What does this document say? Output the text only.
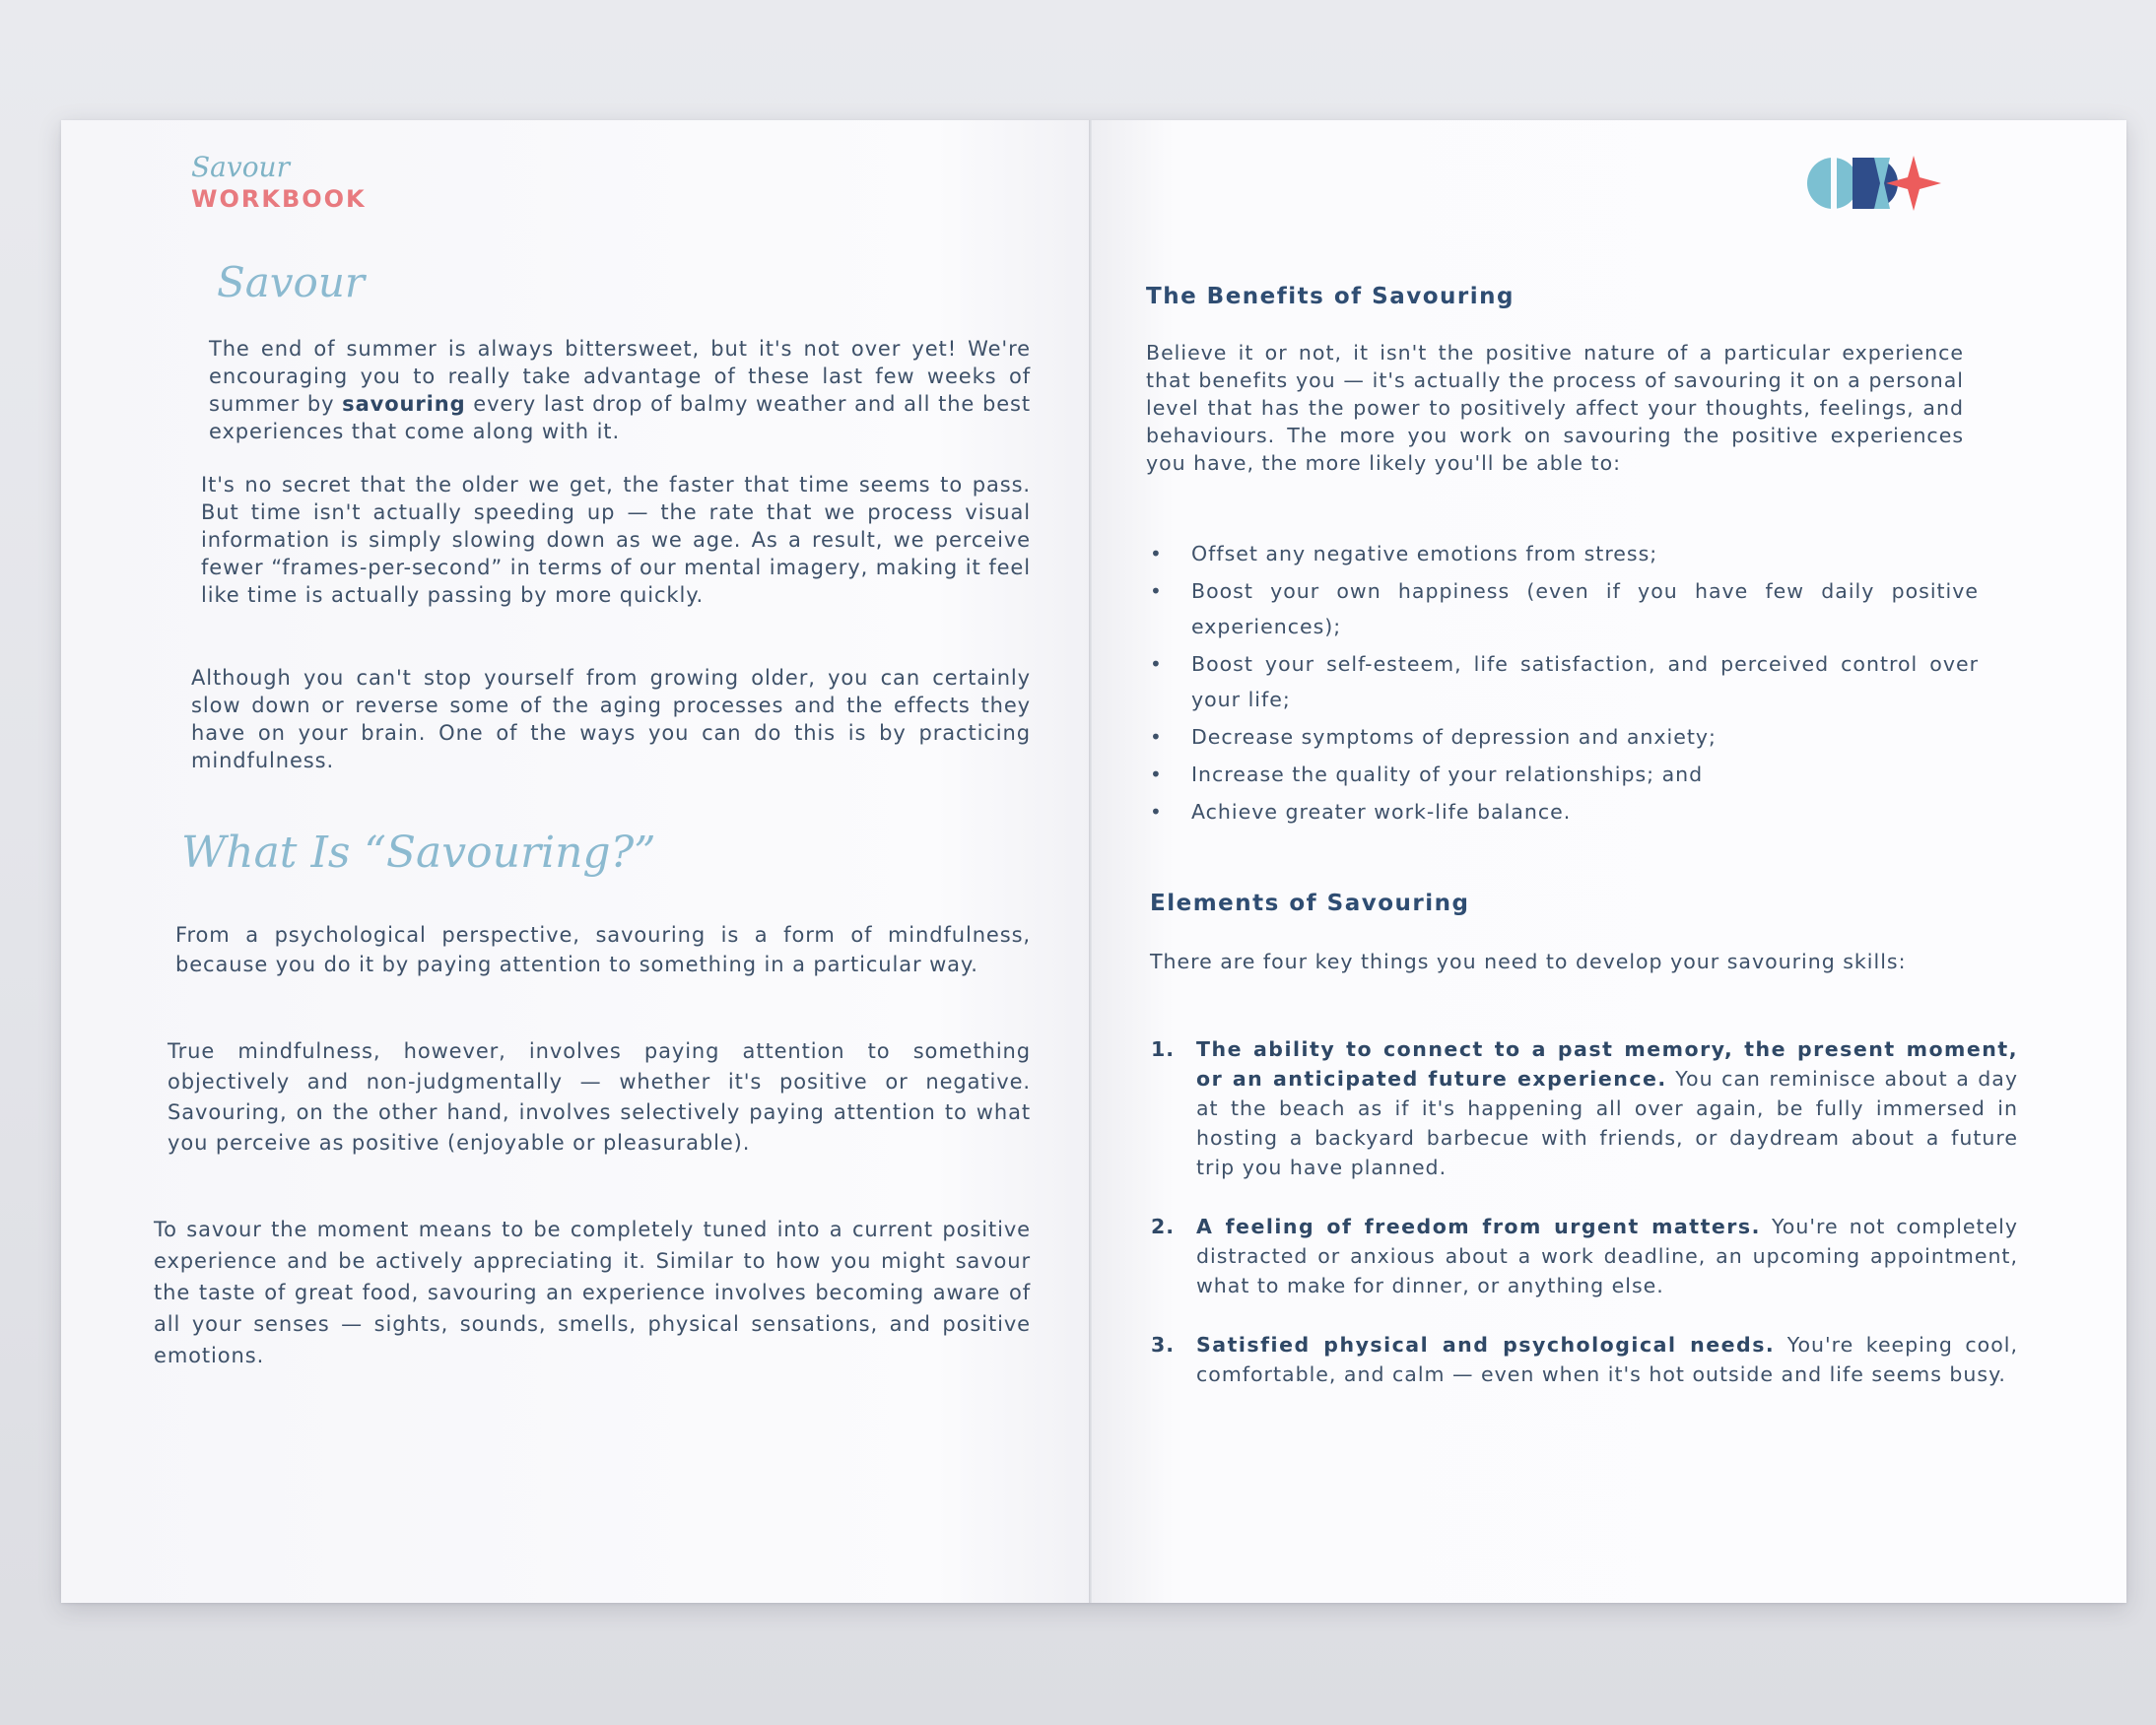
Savour
WORKBOOK
Savour

The end of summer is always bittersweet, but it's not over yet! We're encouraging you to really take advantage of these last few weeks of summer by savouring every last drop of balmy weather and all the best experiences that come along with it.

It's no secret that the older we get, the faster that time seems to pass. But time isn't actually speeding up — the rate that we process visual information is simply slowing down as we age. As a result, we perceive fewer “frames-per-second” in terms of our mental imagery, making it feel like time is actually passing by more quickly.

Although you can't stop yourself from growing older, you can certainly slow down or reverse some of the aging processes and the effects they have on your brain. One of the ways you can do this is by practicing mindfulness.

What Is “Savouring?”

From a psychological perspective, savouring is a form of mindfulness, because you do it by paying attention to something in a particular way.

True mindfulness, however, involves paying attention to something objectively and non-judgmentally — whether it's positive or negative. Savouring, on the other hand, involves selectively paying attention to what you perceive as positive (enjoyable or pleasurable).

To savour the moment means to be completely tuned into a current positive experience and be actively appreciating it. Similar to how you might savour the taste of great food, savouring an experience involves becoming aware of all your senses — sights, sounds, smells, physical sensations, and positive emotions.

The Benefits of Savouring

Believe it or not, it isn't the positive nature of a particular experience that benefits you — it's actually the process of savouring it on a personal level that has the power to positively affect your thoughts, feelings, and behaviours. The more you work on savouring the positive experiences you have, the more likely you'll be able to:

• Offset any negative emotions from stress;
• Boost your own happiness (even if you have few daily positive experiences);
• Boost your self-esteem, life satisfaction, and perceived control over your life;
• Decrease symptoms of depression and anxiety;
• Increase the quality of your relationships; and
• Achieve greater work-life balance.
Elements of Savouring

There are four key things you need to develop your savouring skills:

1. The ability to connect to a past memory, the present moment, or an anticipated future experience. You can reminisce about a day at the beach as if it's happening all over again, be fully immersed in hosting a backyard barbecue with friends, or daydream about a future trip you have planned.
2. A feeling of freedom from urgent matters. You're not completely distracted or anxious about a work deadline, an upcoming appointment, what to make for dinner, or anything else.
3. Satisfied physical and psychological needs. You're keeping cool, comfortable, and calm — even when it's hot outside and life seems busy.
